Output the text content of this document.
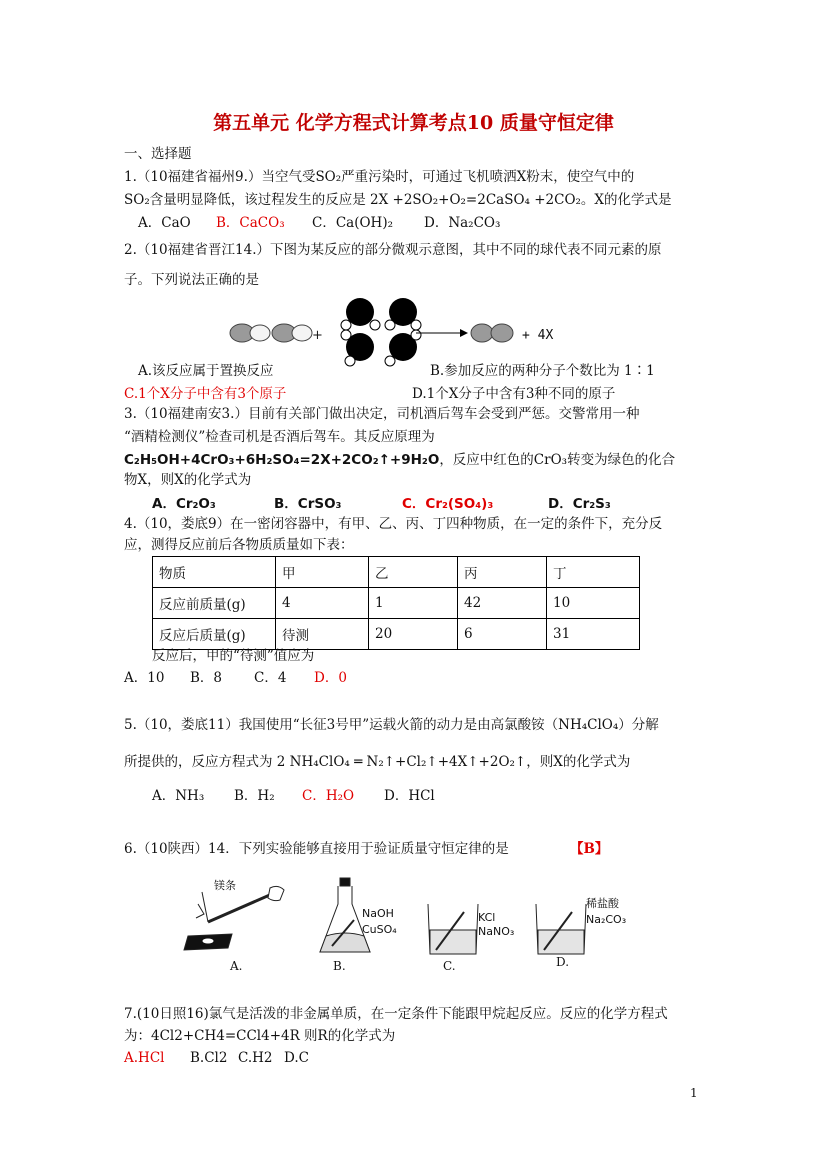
第五单元 化学方程式计算考点10 质量守恒定律
一、选择题
1.（10福建省福州9.）当空气受SO₂严重污染时，可通过飞机喷洒X粉末，使空气中的
SO₂含量明显降低，该过程发生的反应是 2X +2SO₂+O₂=2CaSO₄ +2CO₂。X的化学式是
A．CaO B．CaCO₃ C．Ca(OH)₂ D．Na₂CO₃
2.（10福建省晋江14.）下图为某反应的部分微观示意图，其中不同的球代表不同元素的原
子。下列说法正确的是
+	+ 4X
A.该反应属于置换反应	B.参加反应的两种分子个数比为 1∶1
C.1个X分子中含有3个原子	D.1个X分子中含有3种不同的原子
3.（10福建南安3.）目前有关部门做出决定，司机酒后驾车会受到严惩。交警常用一种
“酒精检测仪”检查司机是否酒后驾车。其反应原理为
C₂H₅OH+4CrO₃+6H₂SO₄=2X+2CO₂↑+9H₂O，反应中红色的CrO₃转变为绿色的化合
物X，则X的化学式为
A．Cr₂O₃	B．CrSO₃	C．Cr₂(SO₄)₃	D．Cr₂S₃
4.（10，娄底9）在一密闭容器中，有甲、乙、丙、丁四种物质，在一定的条件下，充分反
应，测得反应前后各物质质量如下表：
物质	甲	乙	丙	丁
反应前质量(g)	4	1	42	10
反应后质量(g)	待测	20	6	31
反应后，甲的“待测”值应为
A．10 B．8 C．4 D．0
5.（10，娄底11）我国使用“长征3号甲”运载火箭的动力是由高氯酸铵（NH₄ClO₄）分解
所提供的，反应方程式为 2 NH₄ClO₄ ═ N₂↑+Cl₂↑+4X↑+2O₂↑，则X的化学式为
A．NH₃ B．H₂ C．H₂O D．HCl
6.（10陕西）14．下列实验能够直接用于验证质量守恒定律的是	【B】
镁条
NaOH
CuSO₄
KCl
NaNO₃
稀盐酸
Na₂CO₃
A.	B.	C.	D.
7.(10日照16)氯气是活泼的非金属单质，在一定条件下能跟甲烷起反应。反应的化学方程式
为：4Cl2+CH4=CCl4+4R 则R的化学式为
A.HCl B.Cl2 C.H2 D.C
1
